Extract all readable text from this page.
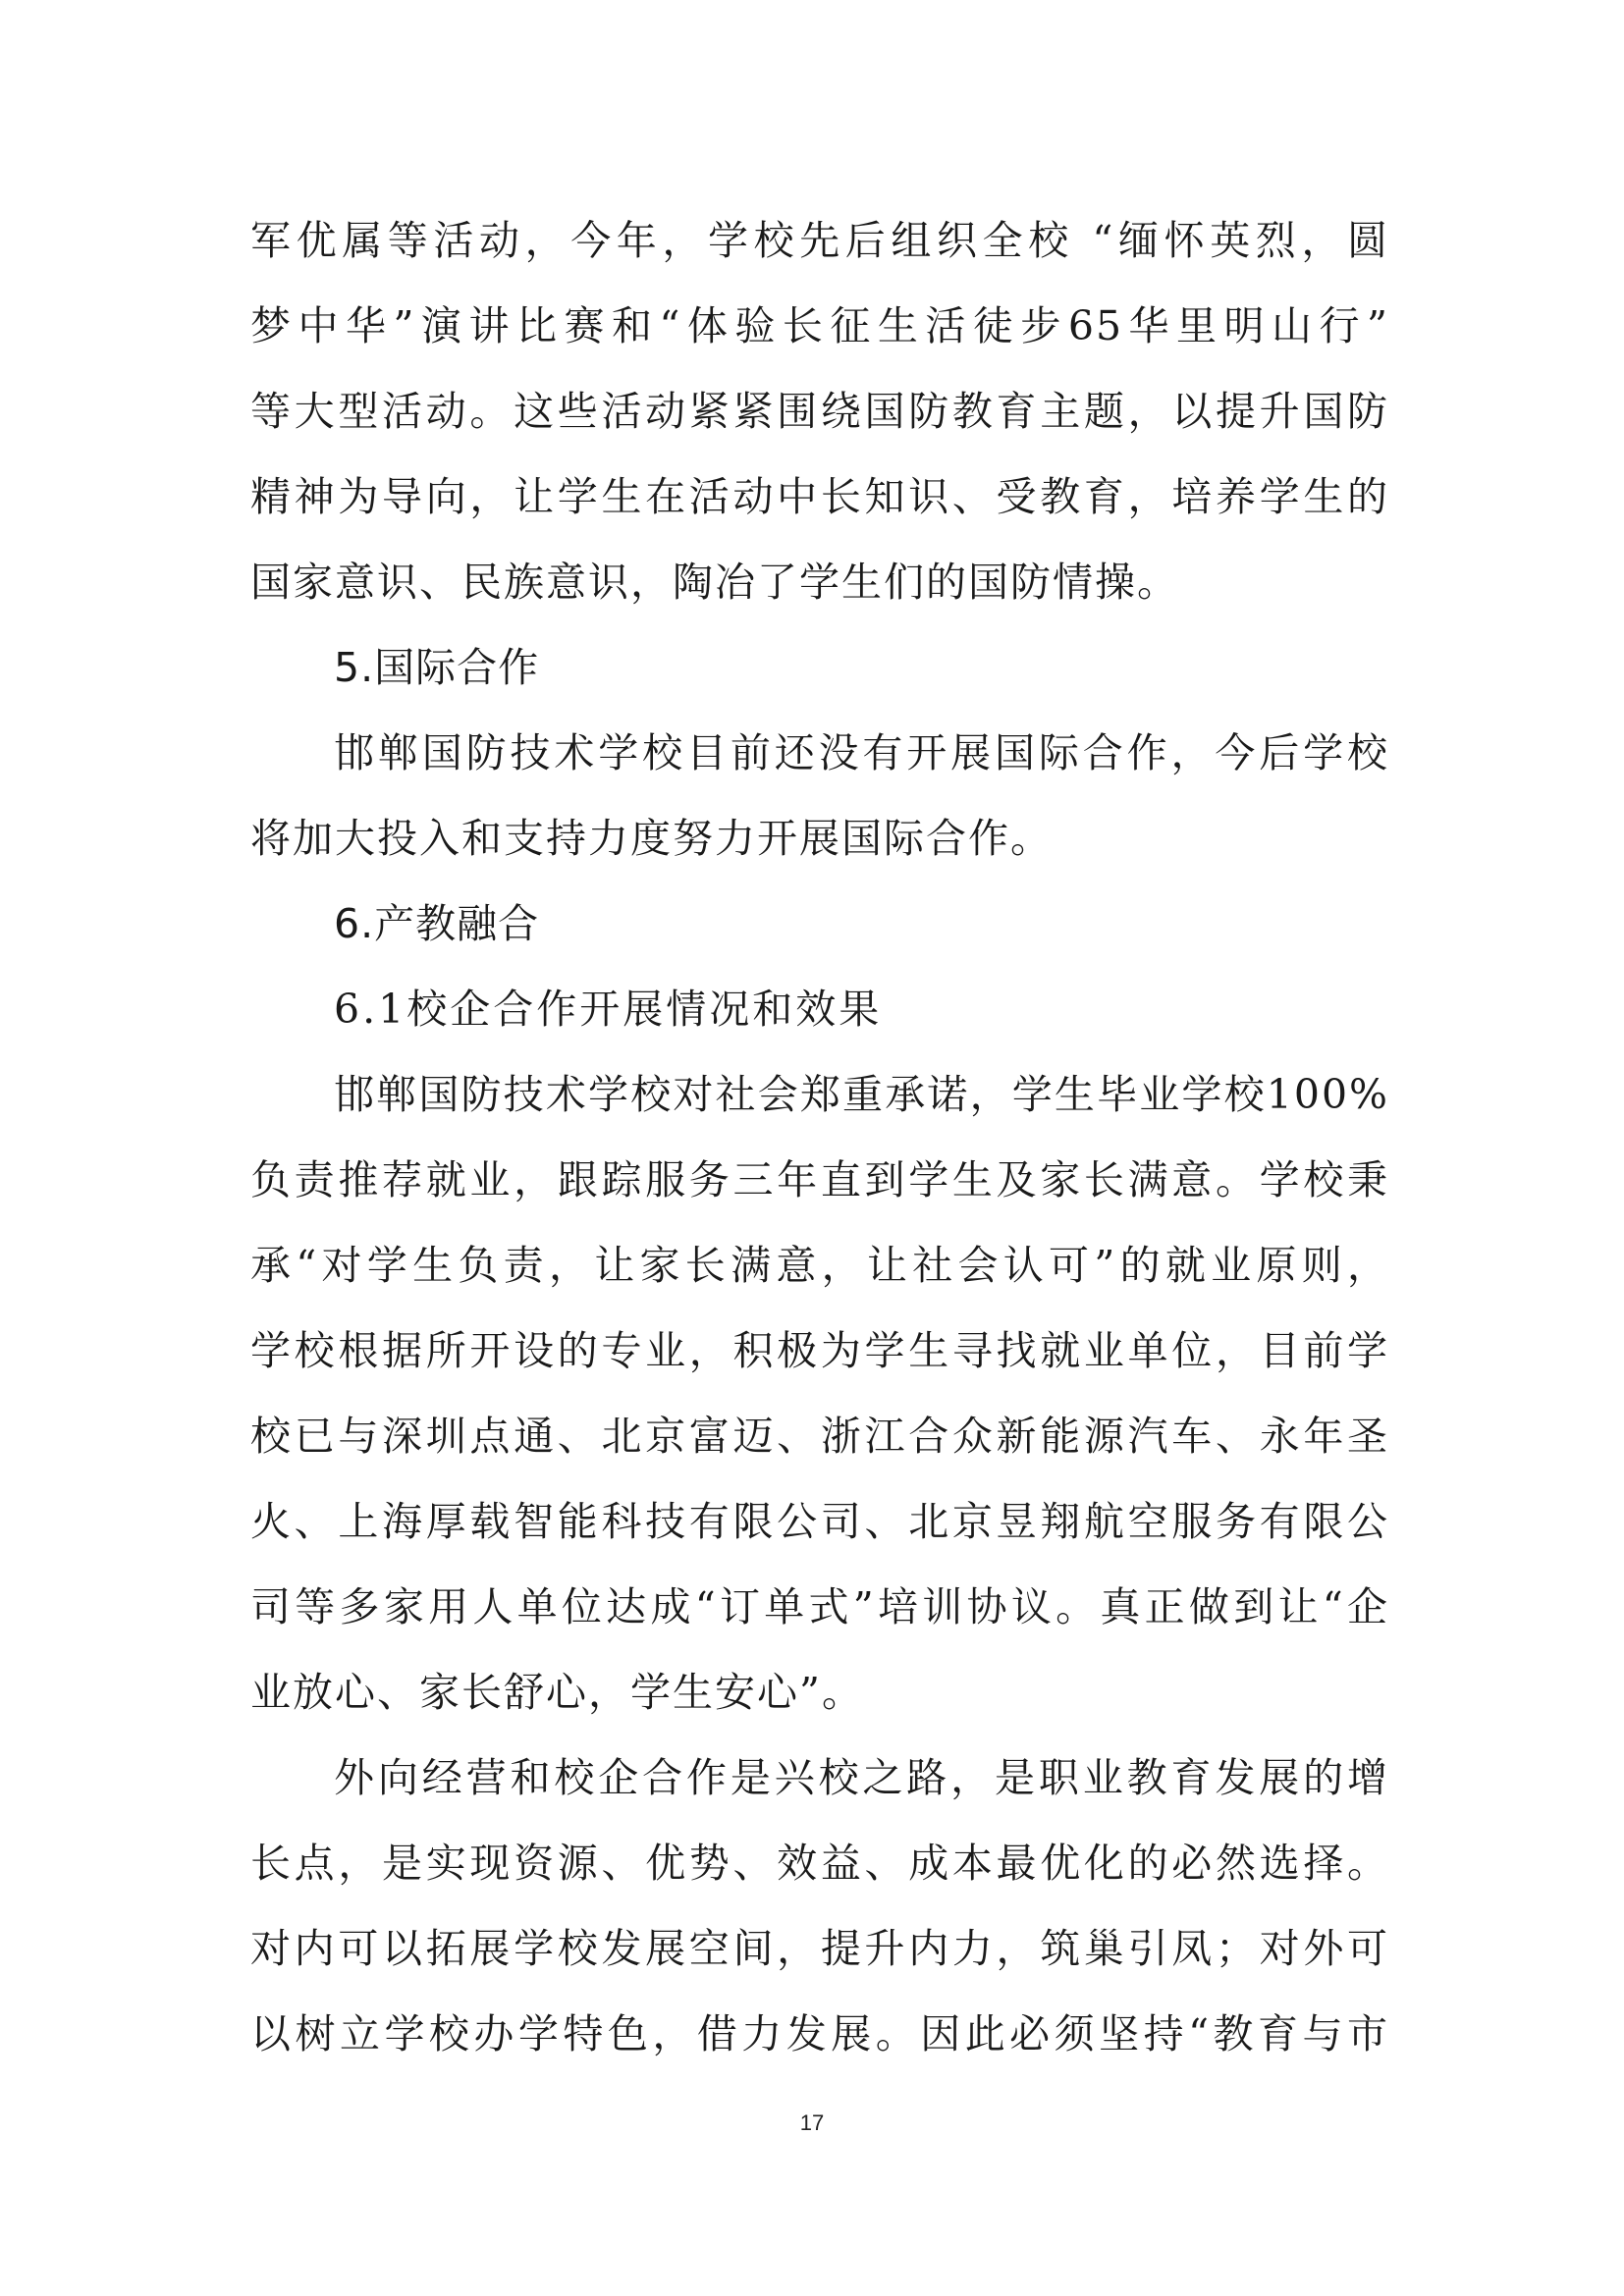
军优属等活动，今年，学校先后组织全校 “缅怀英烈，圆
梦中华”演讲比赛和“体验长征生活徒步65华里明山行”
等大型活动。这些活动紧紧围绕国防教育主题，以提升国防
精神为导向，让学生在活动中长知识、受教育，培养学生的
国家意识、民族意识，陶冶了学生们的国防情操。
5.国际合作
邯郸国防技术学校目前还没有开展国际合作，今后学校
将加大投入和支持力度努力开展国际合作。
6.产教融合
6.1校企合作开展情况和效果
邯郸国防技术学校对社会郑重承诺，学生毕业学校100%
负责推荐就业，跟踪服务三年直到学生及家长满意。学校秉
承“对学生负责，让家长满意，让社会认可”的就业原则，
学校根据所开设的专业，积极为学生寻找就业单位，目前学
校已与深圳点通、北京富迈、浙江合众新能源汽车、永年圣
火、上海厚载智能科技有限公司、北京昱翔航空服务有限公
司等多家用人单位达成“订单式”培训协议。真正做到让“企
业放心、家长舒心，学生安心”。
外向经营和校企合作是兴校之路，是职业教育发展的增
长点，是实现资源、优势、效益、成本最优化的必然选择。
对内可以拓展学校发展空间，提升内力，筑巢引凤；对外可
以树立学校办学特色，借力发展。因此必须坚持“教育与市
17
